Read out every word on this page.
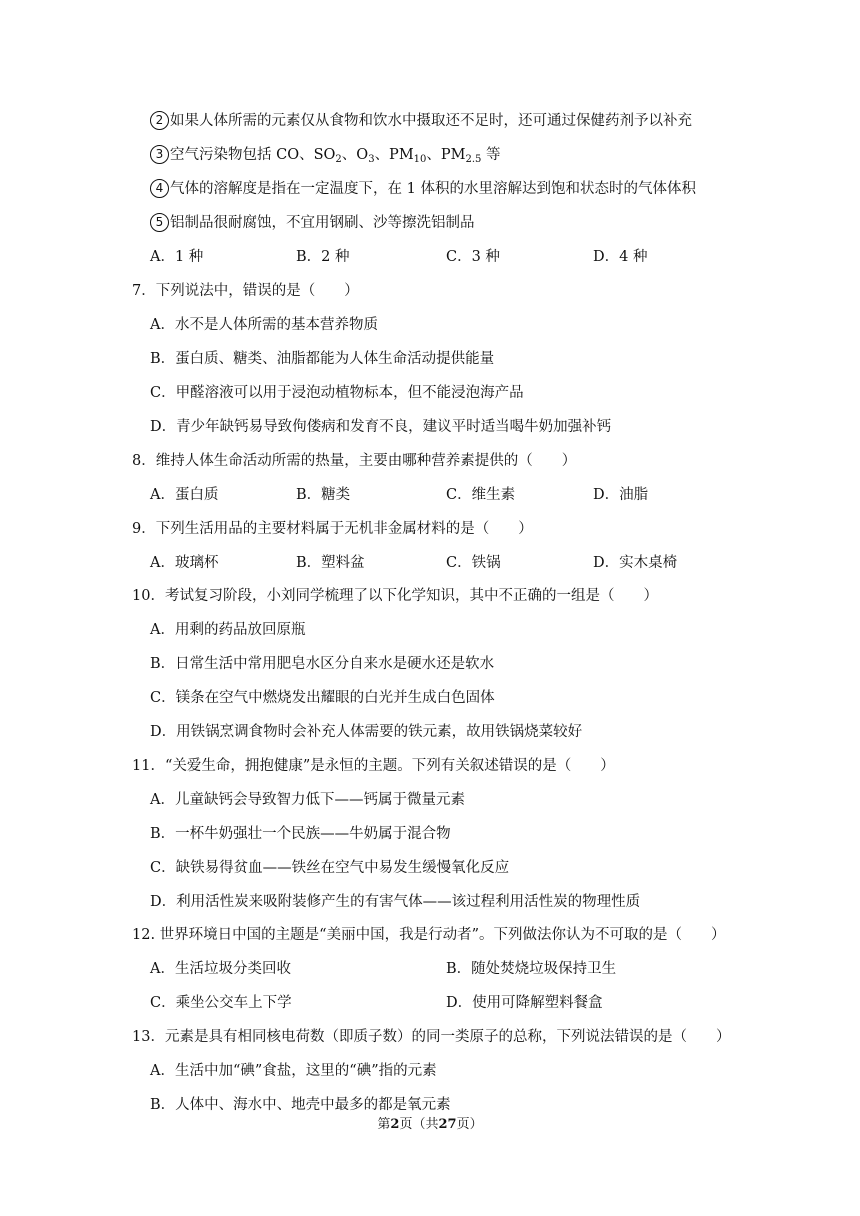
2 如果人体所需的元素仅从食物和饮水中摄取还不足时，还可通过保健药剂予以补充
3 空气污染物包括 CO、$SO_2$、$O_3$、$PM_{10}$、$PM_{2.5}$ 等
4 气体的溶解度是指在一定温度下，在 1 体积的水里溶解达到饱和状态时的气体体积
5 铝制品很耐腐蚀，不宜用钢刷、沙等擦洗铝制品
A．1 种	B．2 种	C．3 种	D．4 种
7．下列说法中，错误的是（　　）
A．水不是人体所需的基本营养物质
B．蛋白质、糖类、油脂都能为人体生命活动提供能量
C．甲醛溶液可以用于浸泡动植物标本，但不能浸泡海产品
D．青少年缺钙易导致佝偻病和发育不良，建议平时适当喝牛奶加强补钙
8．维持人体生命活动所需的热量，主要由哪种营养素提供的（　　）
A．蛋白质	B．糖类	C．维生素	D．油脂
9．下列生活用品的主要材料属于无机非金属材料的是（　　）
A．玻璃杯	B．塑料盆	C．铁锅	D．实木桌椅
10．考试复习阶段，小刘同学梳理了以下化学知识，其中不正确的一组是（　　）
A．用剩的药品放回原瓶
B．日常生活中常用肥皂水区分自来水是硬水还是软水
C．镁条在空气中燃烧发出耀眼的白光并生成白色固体
D．用铁锅烹调食物时会补充人体需要的铁元素，故用铁锅烧菜较好
11．“关爱生命，拥抱健康”是永恒的主题。下列有关叙述错误的是（　　）
A．儿童缺钙会导致智力低下——钙属于微量元素
B．一杯牛奶强壮一个民族——牛奶属于混合物
C．缺铁易得贫血——铁丝在空气中易发生缓慢氧化反应
D．利用活性炭来吸附装修产生的有害气体——该过程利用活性炭的物理性质
12. 世界环境日中国的主题是“美丽中国，我是行动者”。下列做法你认为不可取的是（　　）
A．生活垃圾分类回收	B．随处焚烧垃圾保持卫生
C．乘坐公交车上下学	D．使用可降解塑料餐盒
13．元素是具有相同核电荷数（即质子数）的同一类原子的总称，下列说法错误的是（　　）
A．生活中加“碘”食盐，这里的“碘”指的元素
B．人体中、海水中、地壳中最多的都是氧元素
第2页（共27页）
